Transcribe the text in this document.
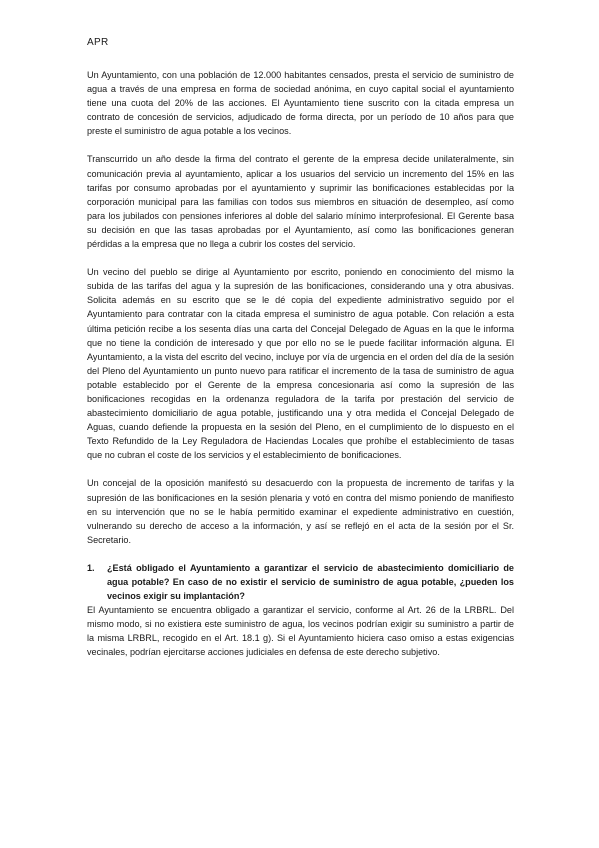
APR

Un Ayuntamiento, con una población de 12.000 habitantes censados, presta el servicio de suministro de agua a través de una empresa en forma de sociedad anónima, en cuyo capital social el ayuntamiento tiene una cuota del 20% de las acciones. El Ayuntamiento tiene suscrito con la citada empresa un contrato de concesión de servicios, adjudicado de forma directa, por un período de 10 años para que preste el suministro de agua potable a los vecinos.

Transcurrido un año desde la firma del contrato el gerente de la empresa decide unilateralmente, sin comunicación previa al ayuntamiento, aplicar a los usuarios del servicio un incremento del 15% en las tarifas por consumo aprobadas por el ayuntamiento y suprimir las bonificaciones establecidas por la corporación municipal para las familias con todos sus miembros en situación de desempleo, así como para los jubilados con pensiones inferiores al doble del salario mínimo interprofesional. El Gerente basa su decisión en que las tasas aprobadas por el Ayuntamiento, así como las bonificaciones generan pérdidas a la empresa que no llega a cubrir los costes del servicio.

Un vecino del pueblo se dirige al Ayuntamiento por escrito, poniendo en conocimiento del mismo la subida de las tarifas del agua y la supresión de las bonificaciones, considerando una y otra abusivas. Solicita además en su escrito que se le dé copia del expediente administrativo seguido por el Ayuntamiento para contratar con la citada empresa el suministro de agua potable. Con relación a esta última petición recibe a los sesenta días una carta del Concejal Delegado de Aguas en la que le informa que no tiene la condición de interesado y que por ello no se le puede facilitar información alguna. El Ayuntamiento, a la vista del escrito del vecino, incluye por vía de urgencia en el orden del día de la sesión del Pleno del Ayuntamiento un punto nuevo para ratificar el incremento de la tasa de suministro de agua potable establecido por el Gerente de la empresa concesionaria así como la supresión de las bonificaciones recogidas en la ordenanza reguladora de la tarifa por prestación del servicio de abastecimiento domiciliario de agua potable, justificando una y otra medida el Concejal Delegado de Aguas, cuando defiende la propuesta en la sesión del Pleno, en el cumplimiento de lo dispuesto en el Texto Refundido de la Ley Reguladora de Haciendas Locales que prohíbe el establecimiento de tasas que no cubran el coste de los servicios y el establecimiento de bonificaciones.

Un concejal de la oposición manifestó su desacuerdo con la propuesta de incremento de tarifas y la supresión de las bonificaciones en la sesión plenaria y votó en contra del mismo poniendo de manifiesto en su intervención que no se le había permitido examinar el expediente administrativo en cuestión, vulnerando su derecho de acceso a la información, y así se reflejó en el acta de la sesión por el Sr. Secretario.

1.	¿Está obligado el Ayuntamiento a garantizar el servicio de abastecimiento domiciliario de agua potable? En caso de no existir el servicio de suministro de agua potable, ¿pueden los vecinos exigir su implantación?

El Ayuntamiento se encuentra obligado a garantizar el servicio, conforme al Art. 26 de la LRBRL. Del mismo modo, si no existiera este suministro de agua, los vecinos podrían exigir su suministro a partir de la misma LRBRL, recogido en el Art. 18.1 g). Si el Ayuntamiento hiciera caso omiso a estas exigencias vecinales, podrían ejercitarse acciones judiciales en defensa de este derecho subjetivo.
